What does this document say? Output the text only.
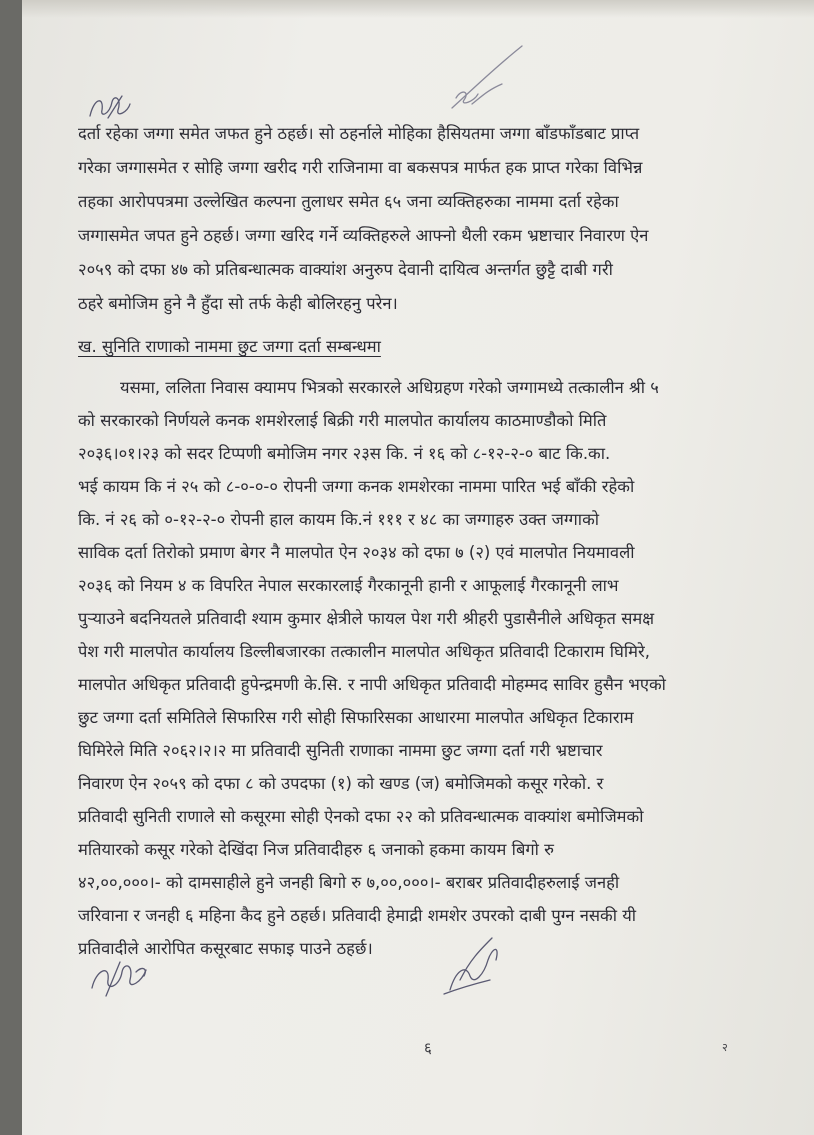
दर्ता रहेका जग्गा समेत जफत हुने ठहर्छ। सो ठहर्नाले मोहिका हैसियतमा जग्गा बाँडफाँडबाट प्राप्त
गरेका जग्गासमेत र सोहि जग्गा खरीद गरी राजिनामा वा बकसपत्र मार्फत हक प्राप्त गरेका विभिन्न
तहका आरोपपत्रमा उल्लेखित कल्पना तुलाधर समेत ६५ जना व्यक्तिहरुका नाममा दर्ता रहेका
जग्गासमेत जपत हुने ठहर्छ। जग्गा खरिद गर्ने व्यक्तिहरुले आफ्नो थैली रकम भ्रष्टाचार निवारण ऐन
२०५९ को दफा ४७ को प्रतिबन्धात्मक वाक्यांश अनुरुप देवानी दायित्व अन्तर्गत छुट्टै दाबी गरी
ठहरे बमोजिम हुने नै हुँदा सो तर्फ केही बोलिरहनु परेन।
ख. सुनिति राणाको नाममा छुट जग्गा दर्ता सम्बन्धमा
यसमा, ललिता निवास क्यामप भित्रको सरकारले अधिग्रहण गरेको जग्गामध्ये तत्कालीन श्री ५
को सरकारको निर्णयले कनक शमशेरलाई बिक्री गरी मालपोत कार्यालय काठमाण्डौको मिति
२०३६।०१।२३ को सदर टिप्पणी बमोजिम नगर २३स कि. नं १६ को ८-१२-२-० बाट कि.का.
भई कायम कि नं २५ को ८-०-०-० रोपनी जग्गा कनक शमशेरका नाममा पारित भई बाँकी रहेको
कि. नं २६ को ०-१२-२-० रोपनी हाल कायम कि.नं १११ र ४८ का जग्गाहरु उक्त जग्गाको
साविक दर्ता तिरोको प्रमाण बेगर नै मालपोत ऐन २०३४ को दफा ७ (२) एवं मालपोत नियमावली
२०३६ को नियम ४ क विपरित नेपाल सरकारलाई गैरकानूनी हानी र आफूलाई गैरकानूनी लाभ
पुऱ्याउने बदनियतले प्रतिवादी श्याम कुमार क्षेत्रीले फायल पेश गरी श्रीहरी पुडासैनीले अधिकृत समक्ष
पेश गरी मालपोत कार्यालय डिल्लीबजारका तत्कालीन मालपोत अधिकृत प्रतिवादी टिकाराम घिमिरे,
मालपोत अधिकृत प्रतिवादी हुपेन्द्रमणी के.सि. र नापी अधिकृत प्रतिवादी मोहम्मद साविर हुसैन भएको
छुट जग्गा दर्ता समितिले सिफारिस गरी सोही सिफारिसका आधारमा मालपोत अधिकृत टिकाराम
घिमिरेले मिति २०६२।२।२ मा प्रतिवादी सुनिती राणाका नाममा छुट जग्गा दर्ता गरी भ्रष्टाचार
निवारण ऐन २०५९ को दफा ८ को उपदफा (१) को खण्ड (ज) बमोजिमको कसूर गरेको. र
प्रतिवादी सुनिती राणाले सो कसूरमा सोही ऐनको दफा २२ को प्रतिवन्धात्मक वाक्यांश बमोजिमको
मतियारको कसूर गरेको देखिंदा निज प्रतिवादीहरु ६ जनाको हकमा कायम बिगो रु
४२,००,०००।- को दामसाहीले हुने जनही बिगो रु ७,००,०००।- बराबर प्रतिवादीहरुलाई जनही
जरिवाना र जनही ६ महिना कैद हुने ठहर्छ। प्रतिवादी हेमाद्री शमशेर उपरको दाबी पुग्न नसकी यी
प्रतिवादीले आरोपित कसूरबाट सफाइ पाउने ठहर्छ।
६	२
